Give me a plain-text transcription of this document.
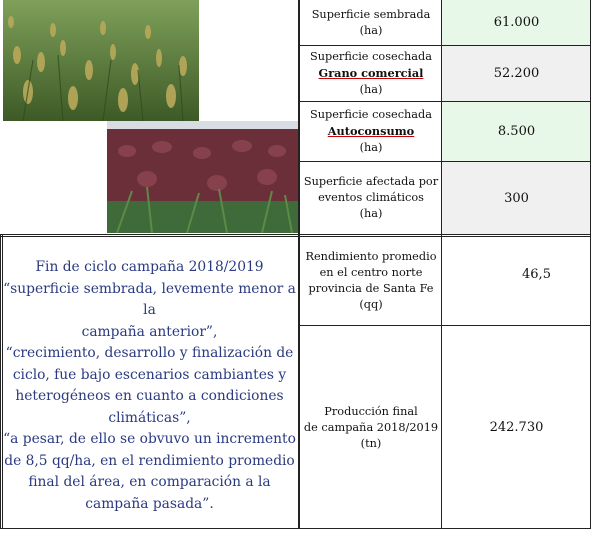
Superficie sembrada
(ha)	61.000
Superficie cosechada
Grano comercial
(ha)
52.200
Superficie cosechada
Autoconsumo
(ha)
8.500
Superficie afectada por
eventos climáticos
(ha)
300
Rendimiento promedio
en el centro norte
provincia de Santa Fe
(qq)
46,5
Producción final
de campaña 2018/2019
(tn)
242.730
Fin de ciclo campaña 2018/2019
“superficie sembrada, levemente menor a la
campaña anterior”,
“crecimiento, desarrollo y finalización de
ciclo, fue bajo escenarios cambiantes y
heterogéneos en cuanto a condiciones
climáticas”,
“a pesar, de ello se obvuvo un incremento
de 8,5 qq/ha, en el rendimiento promedio
final del área, en comparación a la
campaña pasada”.
